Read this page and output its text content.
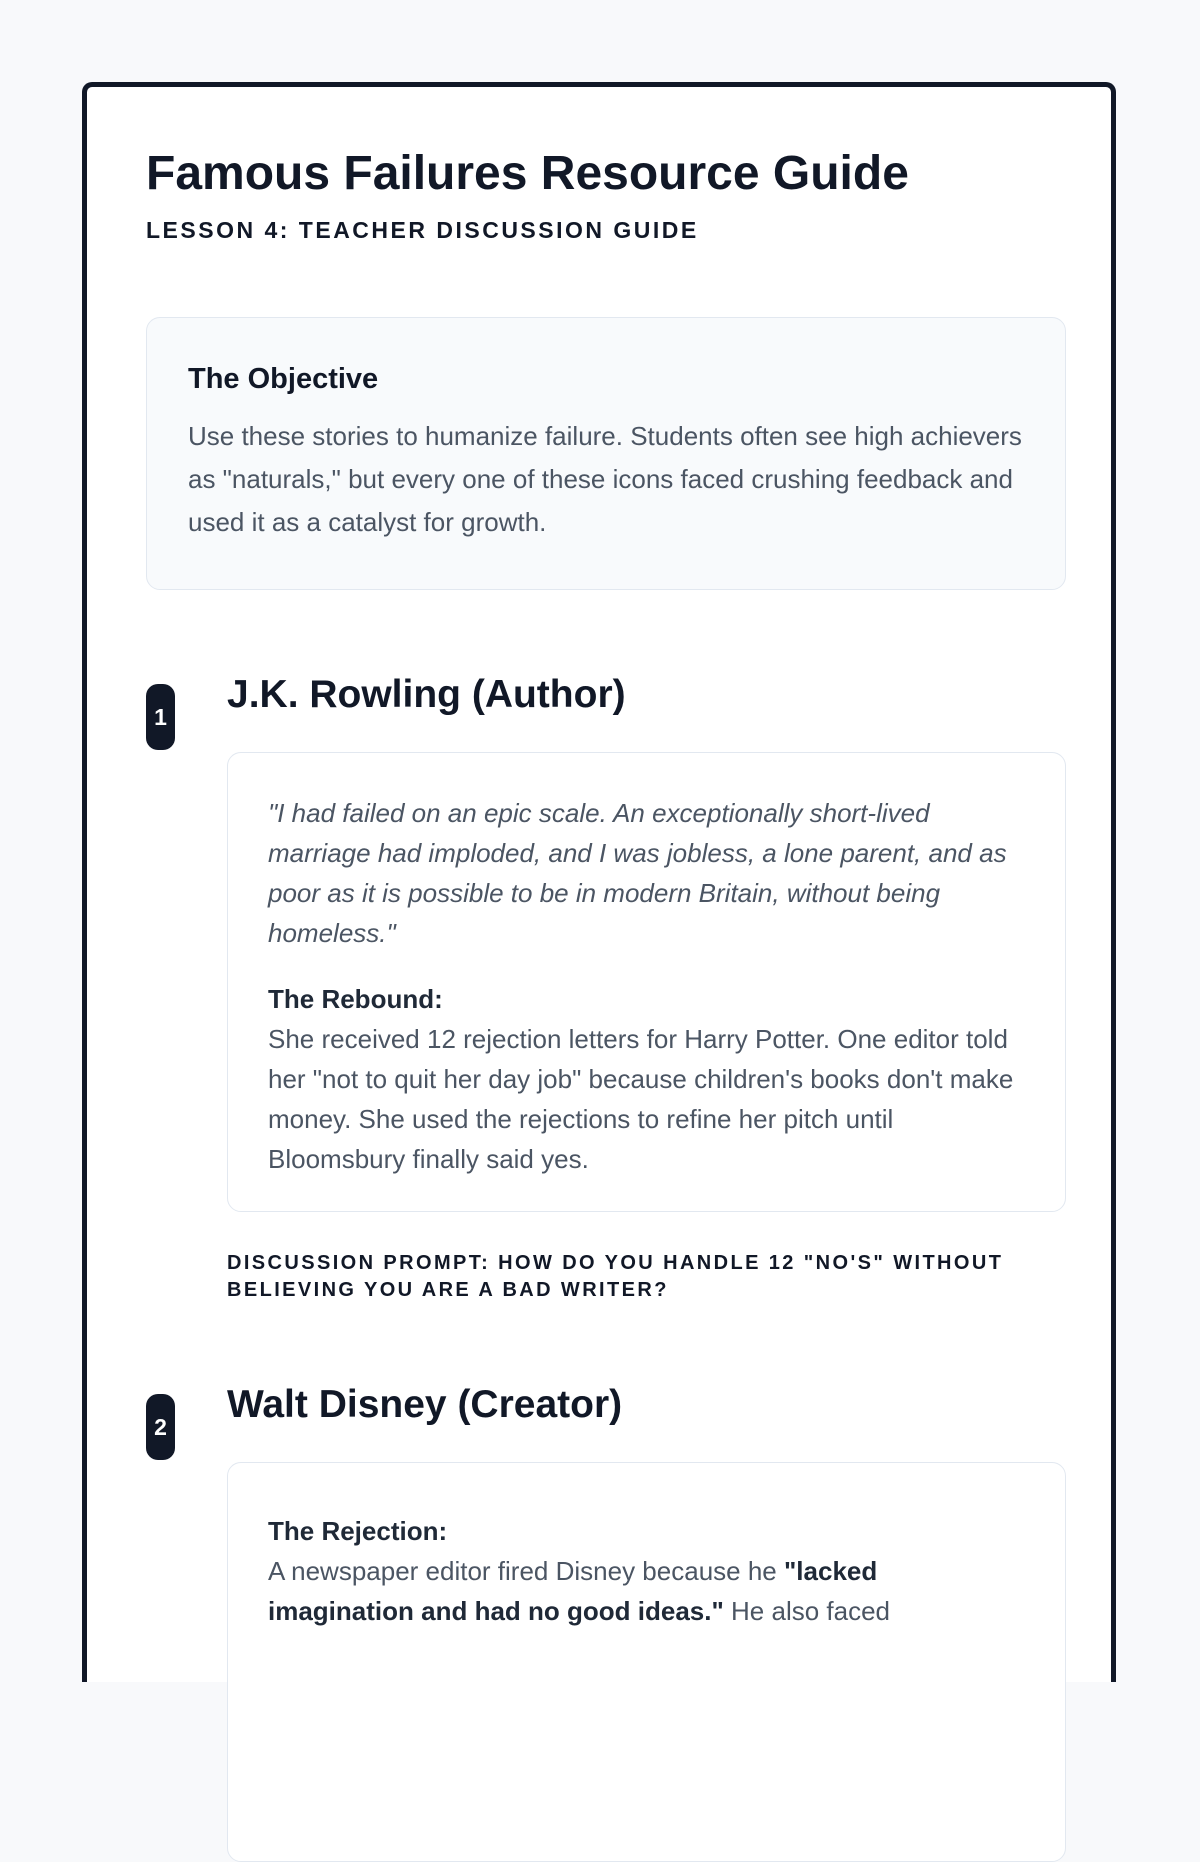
Famous Failures Resource Guide
LESSON 4: TEACHER DISCUSSION GUIDE
The Objective

Use these stories to humanize failure. Students often see high achievers as "naturals," but every one of these icons faced crushing feedback and used it as a catalyst for growth.

1
J.K. Rowling (Author)

"I had failed on an epic scale. An exceptionally short-lived marriage had imploded, and I was jobless, a lone parent, and as poor as it is possible to be in modern Britain, without being homeless."

The Rebound:
She received 12 rejection letters for Harry Potter. One editor told her "not to quit her day job" because children's books don't make money. She used the rejections to refine her pitch until Bloomsbury finally said yes.

DISCUSSION PROMPT: HOW DO YOU HANDLE 12 "NO'S" WITHOUT BELIEVING YOU ARE A BAD WRITER?

2
Walt Disney (Creator)
The Rejection:
A newspaper editor fired Disney because he "lacked imagination and had no good ideas." He also faced
